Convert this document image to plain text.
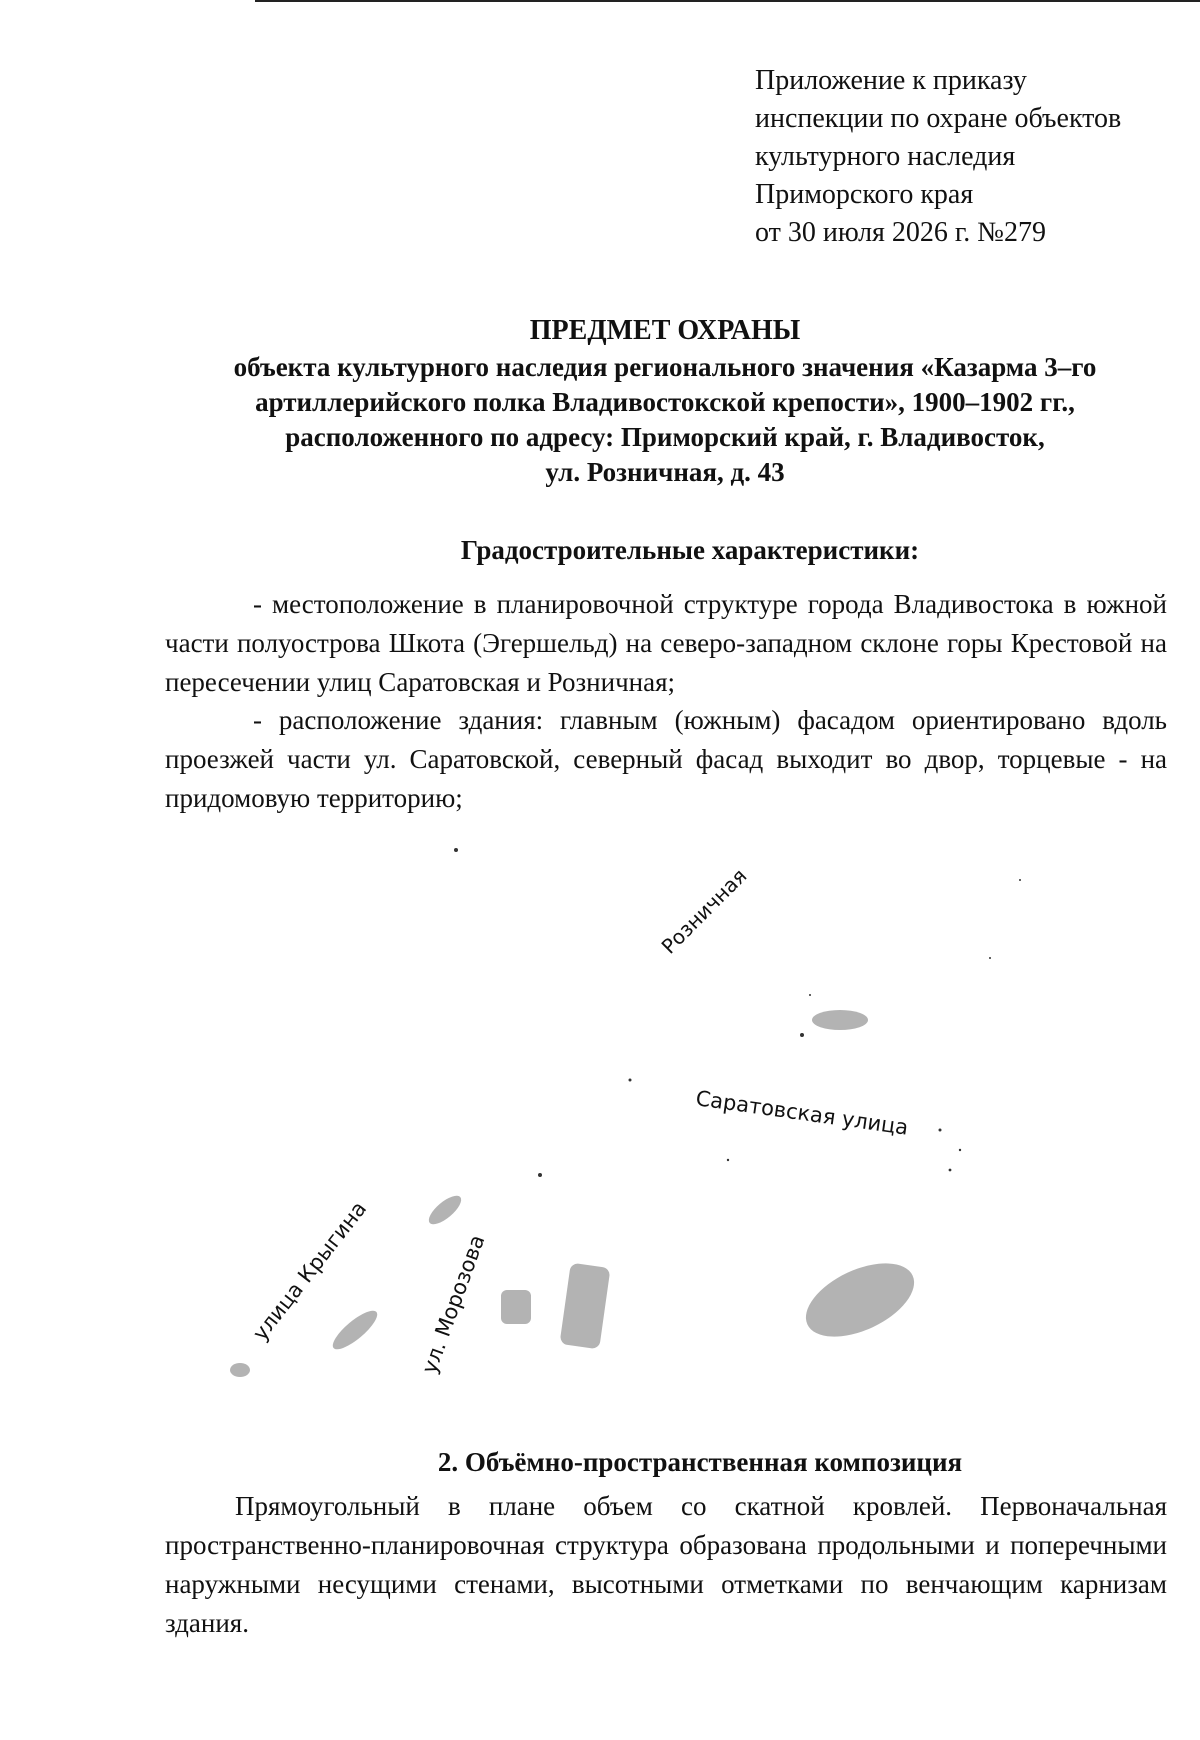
Приложение к приказу
инспекции по охране объектов
культурного наследия
Приморского края
от 30 июля 2026 г. №279
ПРЕДМЕТ ОХРАНЫ
объекта культурного наследия регионального значения «Казарма 3–го
артиллерийского полка Владивостокской крепости», 1900–1902 гг.,
расположенного по адресу: Приморский край, г. Владивосток,
ул. Розничная, д. 43
Градостроительные характеристики:
- местоположение в планировочной структуре города Владивостока в южной части полуострова Шкота (Эгершельд) на северо-западном склоне горы Крестовой на пересечении улиц Саратовская и Розничная;
- расположение здания: главным (южным) фасадом ориентировано вдоль проезжей части ул. Саратовской, северный фасад выходит во двор, торцевые - на придомовую территорию;
Розничная
Саратовская улица
улица Крыгина ул. Морозова
2. Объёмно-пространственная композиция
Прямоугольный в плане объем со скатной кровлей. Первоначальная пространственно-планировочная структура образована продольными и поперечными наружными несущими стенами, высотными отметками по венчающим карнизам здания.
